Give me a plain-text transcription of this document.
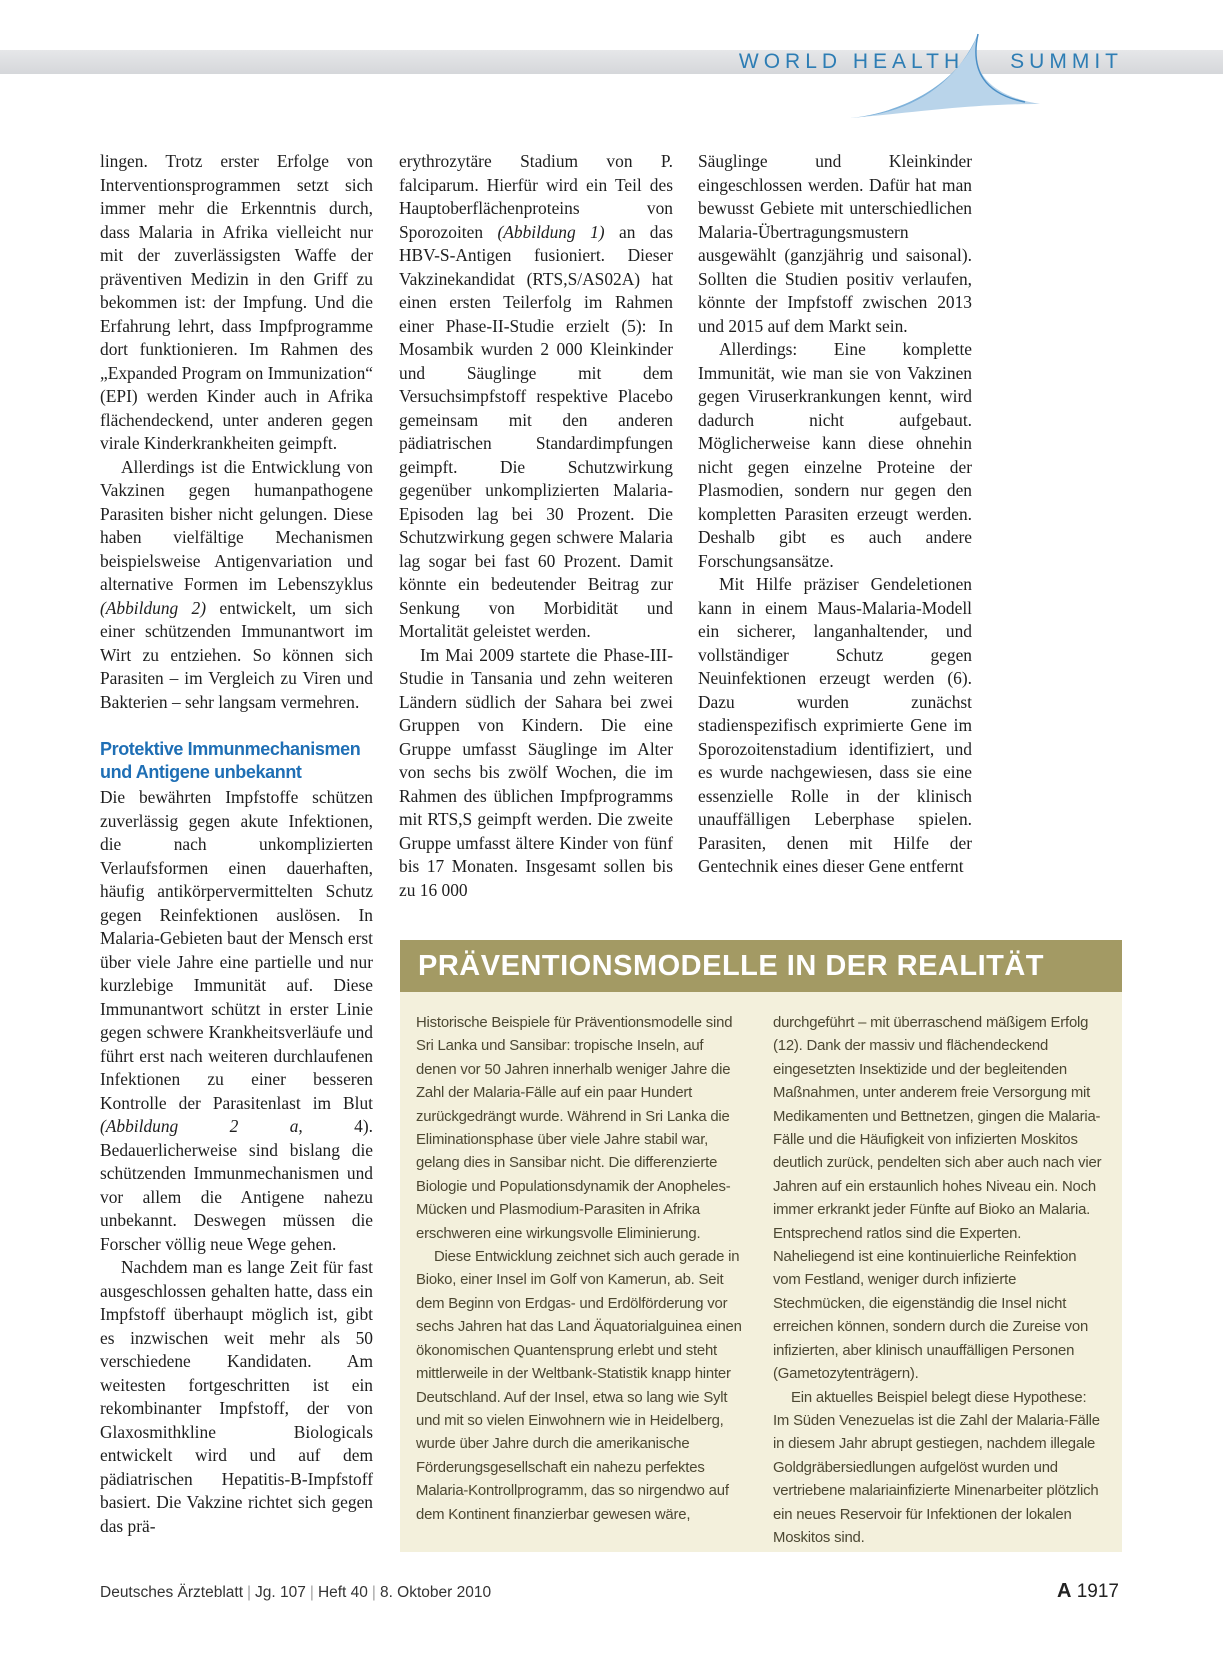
WORLD HEALTH SUMMIT

lingen. Trotz erster Erfolge von Interventionsprogrammen setzt sich immer mehr die Erkenntnis durch, dass Malaria in Afrika vielleicht nur mit der zuverlässigsten Waffe der präventiven Medizin in den Griff zu bekommen ist: der Impfung. Und die Erfahrung lehrt, dass Impfprogramme dort funktionieren. Im Rahmen des „Expanded Program on Immunization“ (EPI) werden Kinder auch in Afrika flächendeckend, unter anderen gegen virale Kinderkrankheiten geimpft.

Allerdings ist die Entwicklung von Vakzinen gegen humanpathogene Parasiten bisher nicht gelungen. Diese haben vielfältige Mechanismen beispielsweise Antigenvariation und alternative Formen im Lebenszyklus (Abbildung 2) entwickelt, um sich einer schützenden Immunantwort im Wirt zu entziehen. So können sich Parasiten – im Vergleich zu Viren und Bakterien – sehr langsam vermehren.

Protektive Immunmechanismen und Antigene unbekannt

Die bewährten Impfstoffe schützen zuverlässig gegen akute Infektionen, die nach unkomplizierten Verlaufsformen einen dauerhaften, häufig antikörpervermittelten Schutz gegen Reinfektionen auslösen. In Malaria-Gebieten baut der Mensch erst über viele Jahre eine partielle und nur kurzlebige Immunität auf. Diese Immunantwort schützt in erster Linie gegen schwere Krankheitsverläufe und führt erst nach weiteren durchlaufenen Infektionen zu einer besseren Kontrolle der Parasitenlast im Blut (Abbildung 2 a,	4). Bedauerlicherweise sind bislang die schützenden Immunmechanismen und vor allem die Antigene nahezu unbekannt. Deswegen müssen die Forscher völlig neue Wege gehen.

Nachdem man es lange Zeit für fast ausgeschlossen gehalten hatte, dass ein Impfstoff überhaupt möglich ist, gibt es inzwischen weit mehr als 50 verschiedene Kandidaten. Am weitesten fortgeschritten ist ein rekombinanter Impfstoff, der von Glaxosmithkline Biologicals entwickelt wird und auf dem pädiatrischen Hepatitis-B-Impfstoff basiert. Die Vakzine richtet sich gegen das prä-

erythrozytäre Stadium von P. falciparum. Hierfür wird ein Teil des Hauptoberflächenproteins von Sporozoiten (Abbildung 1) an das HBV-S-Antigen fusioniert. Dieser Vakzinekandidat (RTS,S/AS02A) hat einen ersten Teilerfolg im Rahmen einer Phase-II-Studie erzielt (5): In Mosambik wurden 2 000 Kleinkinder und Säuglinge mit dem Versuchsimpfstoff respektive Placebo gemeinsam mit den anderen pädiatrischen Standardimpfungen geimpft. Die Schutzwirkung gegenüber unkomplizierten Malaria-Episoden lag bei 30 Prozent. Die Schutzwirkung gegen schwere Malaria lag sogar bei fast 60 Prozent. Damit könnte ein bedeutender Beitrag zur Senkung von Morbidität und Mortalität geleistet werden.

Im Mai 2009 startete die Phase-III-Studie in Tansania und zehn weiteren Ländern südlich der Sahara bei zwei Gruppen von Kindern. Die eine Gruppe umfasst Säuglinge im Alter von sechs bis zwölf Wochen, die im Rahmen des üblichen Impfprogramms mit RTS,S geimpft werden. Die zweite Gruppe umfasst ältere Kinder von fünf bis 17 Monaten. Insgesamt sollen bis zu 16 000

Säuglinge und Kleinkinder eingeschlossen werden. Dafür hat man bewusst Gebiete mit unterschiedlichen Malaria-Übertragungsmustern ausgewählt (ganzjährig und saisonal). Sollten die Studien positiv verlaufen, könnte der Impfstoff zwischen 2013 und 2015 auf dem Markt sein.

Allerdings: Eine komplette Immunität, wie man sie von Vakzinen gegen Viruserkrankungen kennt, wird dadurch nicht aufgebaut. Möglicherweise kann diese ohnehin nicht gegen einzelne Proteine der Plasmodien, sondern nur gegen den kompletten Parasiten erzeugt werden. Deshalb gibt es auch andere Forschungsansätze.

Mit Hilfe präziser Gendeletionen kann in einem Maus-Malaria-Modell ein sicherer, langanhaltender, und vollständiger Schutz gegen Neuinfektionen erzeugt werden (6). Dazu wurden zunächst stadienspezifisch exprimierte Gene im Sporozoitenstadium identifiziert, und es wurde nachgewiesen, dass sie eine essenzielle Rolle in der klinisch unauffälligen Leberphase spielen. Parasiten, denen mit Hilfe der Gentechnik eines dieser Gene entfernt

PRÄVENTIONSMODELLE IN DER REALITÄT

Historische Beispiele für Präventionsmodelle sind Sri Lanka und Sansibar: tropische Inseln, auf denen vor 50 Jahren innerhalb weniger Jahre die Zahl der Malaria-Fälle auf ein paar Hundert zurückgedrängt wurde. Während in Sri Lanka die Eliminationsphase über viele Jahre stabil war, gelang dies in Sansibar nicht. Die differenzierte Biologie und Populationsdynamik der Anopheles-Mücken und Plasmodium-Parasiten in Afrika erschweren eine wirkungsvolle Eliminierung.

Diese Entwicklung zeichnet sich auch gerade in Bioko, einer Insel im Golf von Kamerun, ab. Seit dem Beginn von Erdgas- und Erdölförderung vor sechs Jahren hat das Land Äquatorialguinea einen ökonomischen Quantensprung erlebt und steht mittlerweile in der Weltbank-Statistik knapp hinter Deutschland. Auf der Insel, etwa so lang wie Sylt und mit so vielen Einwohnern wie in Heidelberg, wurde über Jahre durch die amerikanische Förderungsgesellschaft ein nahezu perfektes Malaria-Kontrollprogramm, das so nirgendwo auf dem Kontinent finanzierbar gewesen wäre,

durchgeführt – mit überraschend mäßigem Erfolg (12). Dank der massiv und flächendeckend eingesetzten Insektizide und der begleitenden Maßnahmen, unter anderem freie Versorgung mit Medikamenten und Bettnetzen, gingen die Malaria-Fälle und die Häufigkeit von infizierten Moskitos deutlich zurück, pendelten sich aber auch nach vier Jahren auf ein erstaunlich hohes Niveau ein. Noch immer erkrankt jeder Fünfte auf Bioko an Malaria. Entsprechend ratlos sind die Experten. Naheliegend ist eine kontinuierliche Reinfektion vom Festland, weniger durch infizierte Stechmücken, die eigenständig die Insel nicht erreichen können, sondern durch die Zureise von infizierten, aber klinisch unauffälligen Personen (Gametozytenträgern).

Ein aktuelles Beispiel belegt diese Hypothese: Im Süden Venezuelas ist die Zahl der Malaria-Fälle in diesem Jahr abrupt gestiegen, nachdem illegale Goldgräbersiedlungen aufgelöst wurden und vertriebene malariainfizierte Minenarbeiter plötzlich ein neues Reservoir für Infektionen der lokalen Moskitos sind.

Deutsches Ärzteblatt | Jg. 107 | Heft 40 | 8. Oktober 2010	A 1917
